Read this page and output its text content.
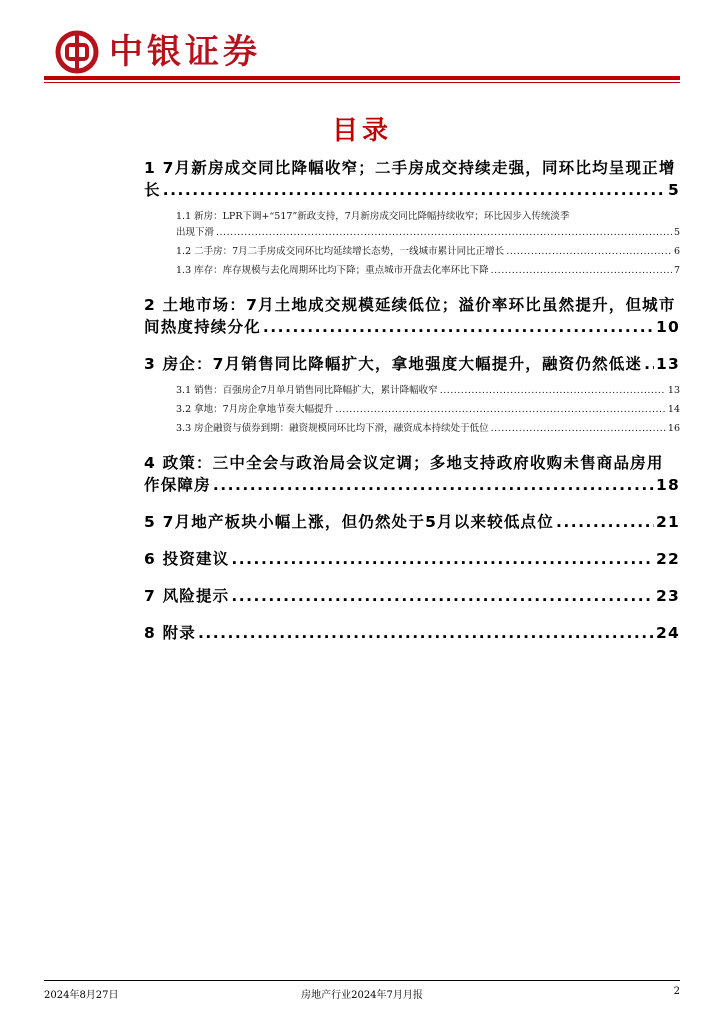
中银证券
目录
1 7月新房成交同比降幅收窄；二手房成交持续走强，同环比均呈现正增
长 .....	5
1.1 新房：LPR下调+“517”新政支持，7月新房成交同比降幅持续收窄；环比因步入传统淡季
出现下滑 .....	5
1.2 二手房：7月二手房成交同环比均延续增长态势，一线城市累计同比正增长 .....	6
1.3 库存：库存规模与去化周期环比均下降；重点城市开盘去化率环比下降 .....	7
2 土地市场：7月土地成交规模延续低位；溢价率环比虽然提升，但城市
间热度持续分化 .....	10
3 房企：7月销售同比降幅扩大，拿地强度大幅提升，融资仍然低迷 ..... 13
3.1 销售：百强房企7月单月销售同比降幅扩大，累计降幅收窄 .....	13
3.2 拿地：7月房企拿地节奏大幅提升 .....	14
3.3 房企融资与债券到期：融资规模同环比均下滑，融资成本持续处于低位 .....	16
4 政策：三中全会与政治局会议定调；多地支持政府收购未售商品房用
作保障房 .....	18
5 7月地产板块小幅上涨，但仍然处于5月以来较低点位 .....	21
6 投资建议 .....	22
7 风险提示 .....	23
8 附录 .....	24
2024年8月27日	房地产行业2024年7月月报	2
